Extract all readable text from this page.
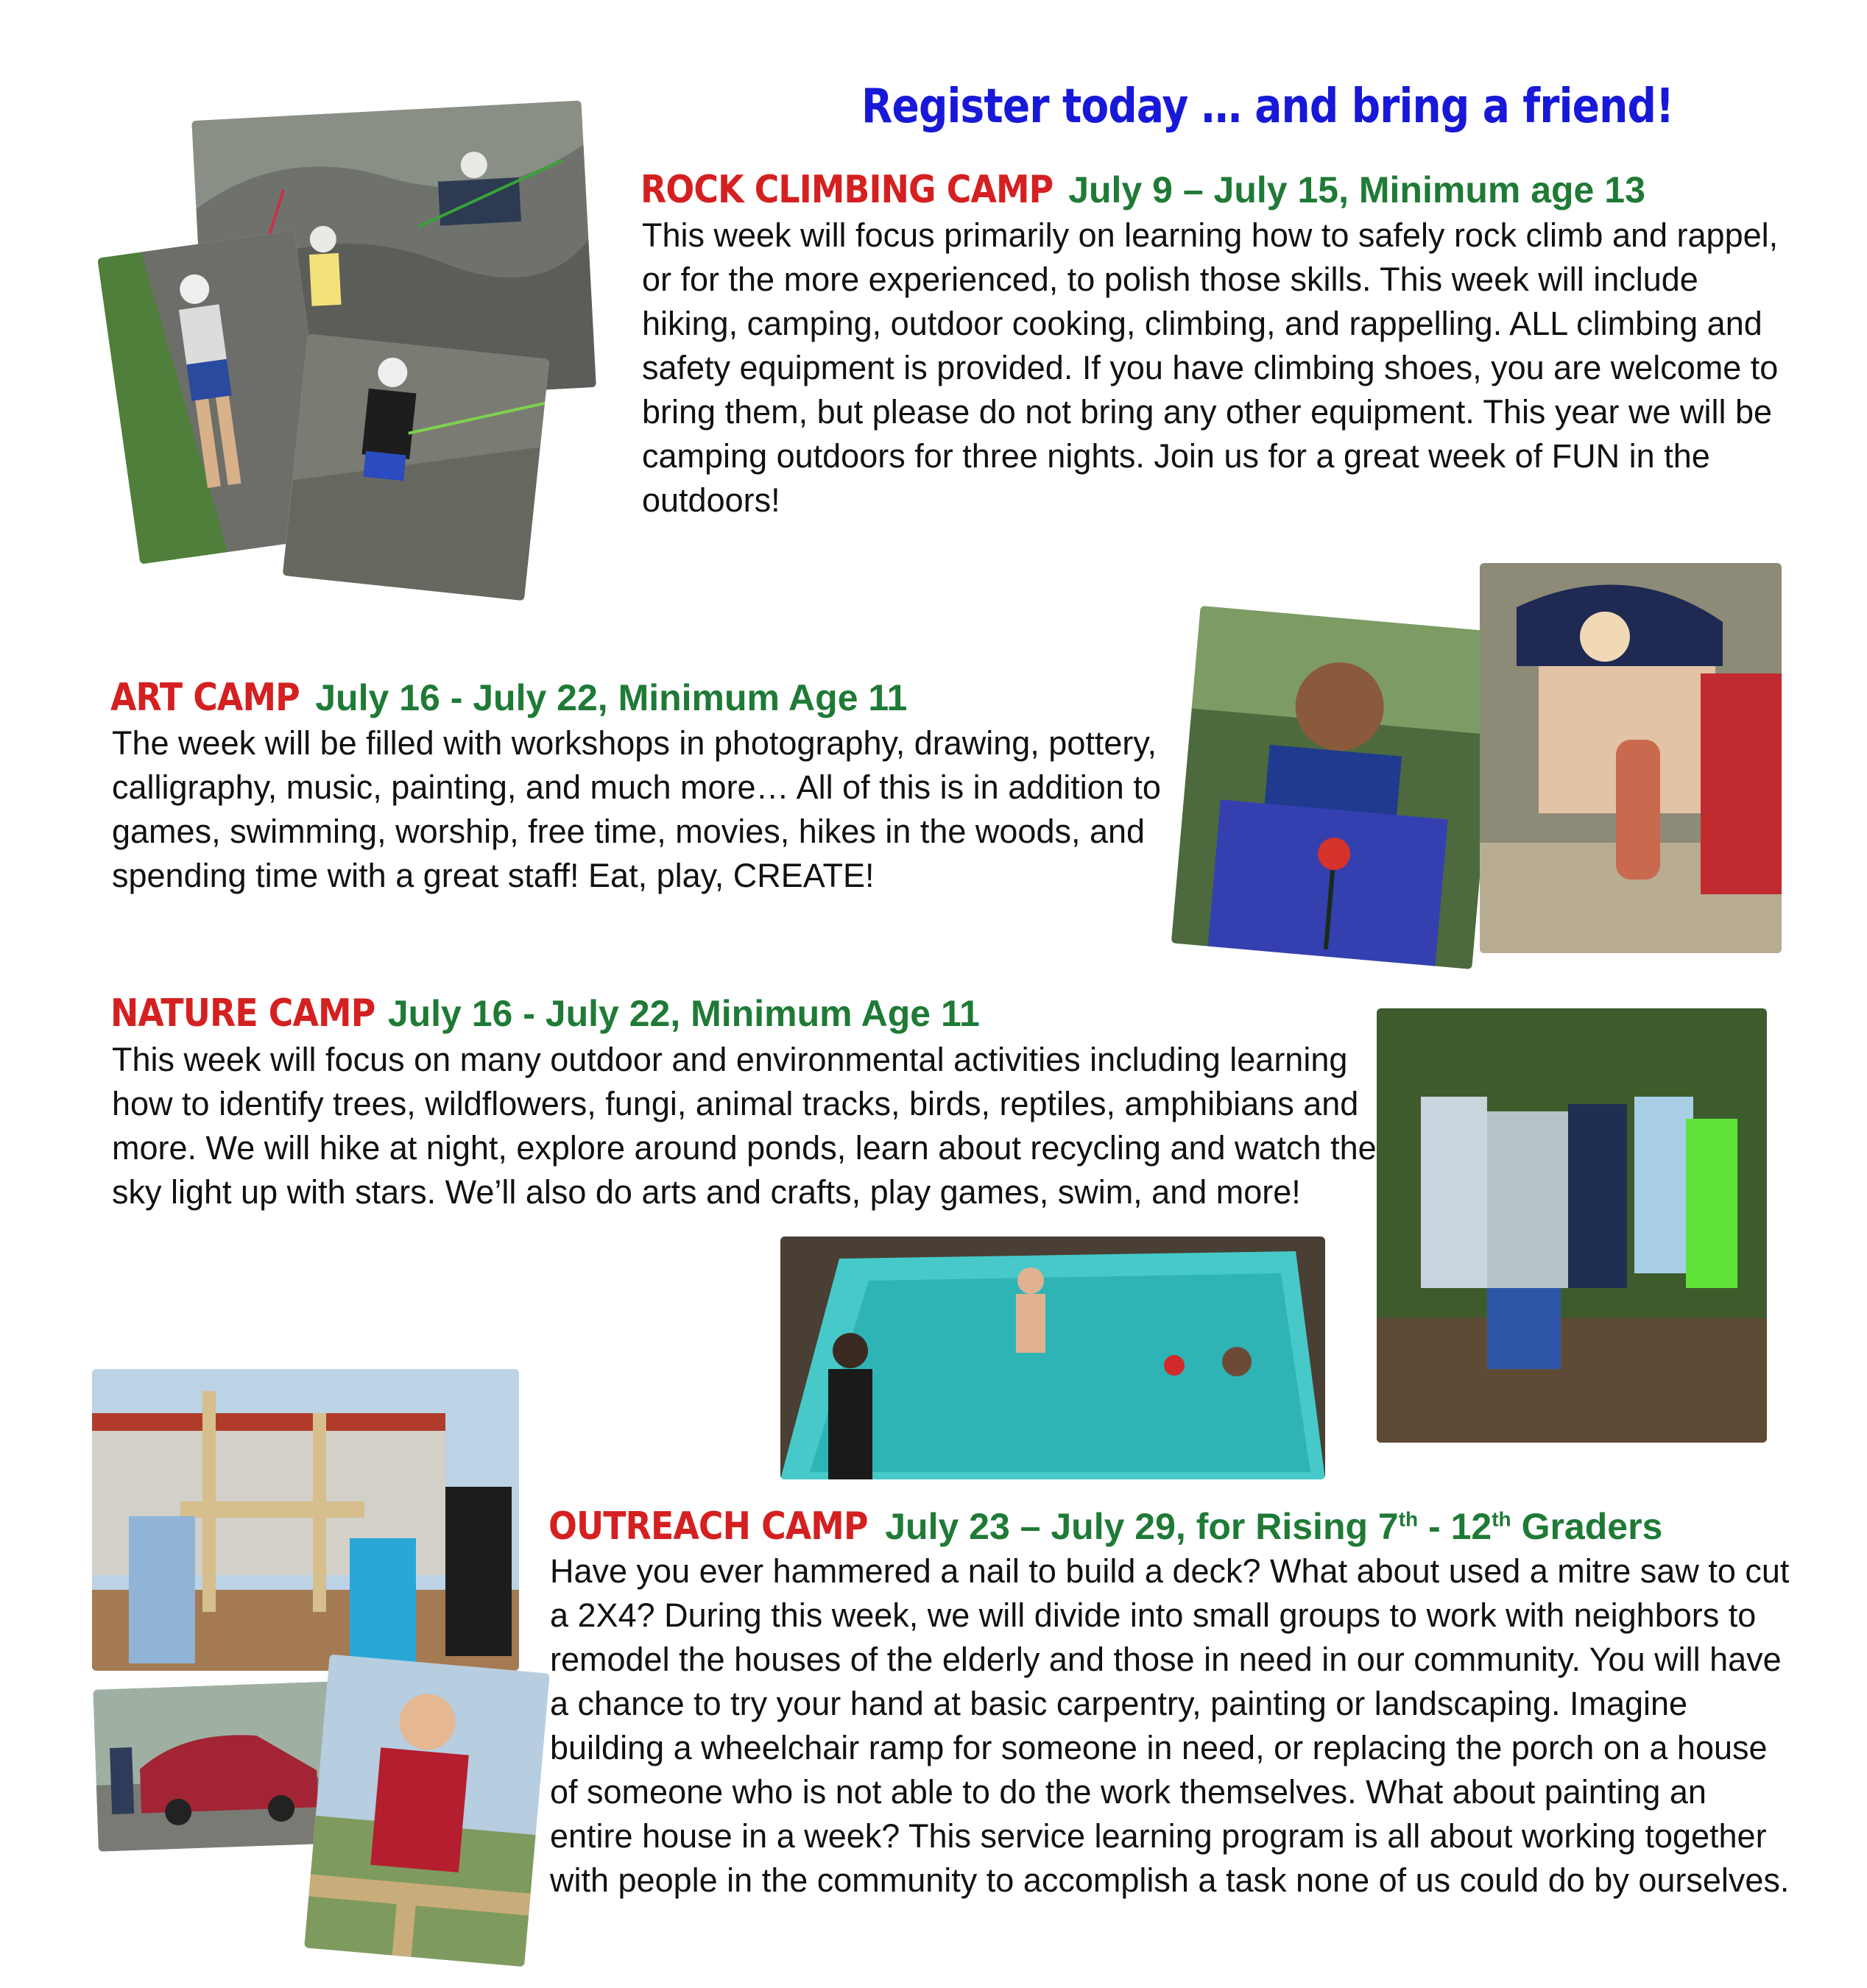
Register today … and bring a friend!
ROCK CLIMBING CAMP July 9 – July 15, Minimum age 13

This week will focus primarily on learning how to safely rock climb and rappel, or for the more experienced, to polish those skills. This week will include hiking, camping, outdoor cooking, climbing, and rappelling. ALL climbing and safety equipment is provided. If you have climbing shoes, you are welcome to bring them, but please do not bring any other equipment. This year we will be camping outdoors for three nights. Join us for a great week of FUN in the outdoors!

ART CAMP July 16 - July 22, Minimum Age 11

The week will be filled with workshops in photography, drawing, pottery, calligraphy, music, painting, and much more… All of this is in addition to games, swimming, worship, free time, movies, hikes in the woods, and spending time with a great staff! Eat, play, CREATE!

NATURE CAMP July 16 - July 22, Minimum Age 11

This week will focus on many outdoor and environmental activities including learning how to identify trees, wildflowers, fungi, animal tracks, birds, reptiles, amphibians and more. We will hike at night, explore around ponds, learn about recycling and watch the sky light up with stars. We’ll also do arts and crafts, play games, swim, and more!

OUTREACH CAMP July 23 – July 29, for Rising 7th - 12th Graders

Have you ever hammered a nail to build a deck? What about used a mitre saw to cut a 2X4? During this week, we will divide into small groups to work with neighbors to remodel the houses of the elderly and those in need in our community. You will have a chance to try your hand at basic carpentry, painting or landscaping. Imagine building a wheelchair ramp for someone in need, or replacing the porch on a house of someone who is not able to do the work themselves. What about painting an entire house in a week? This service learning program is all about working together with people in the community to accomplish a task none of us could do by ourselves.
